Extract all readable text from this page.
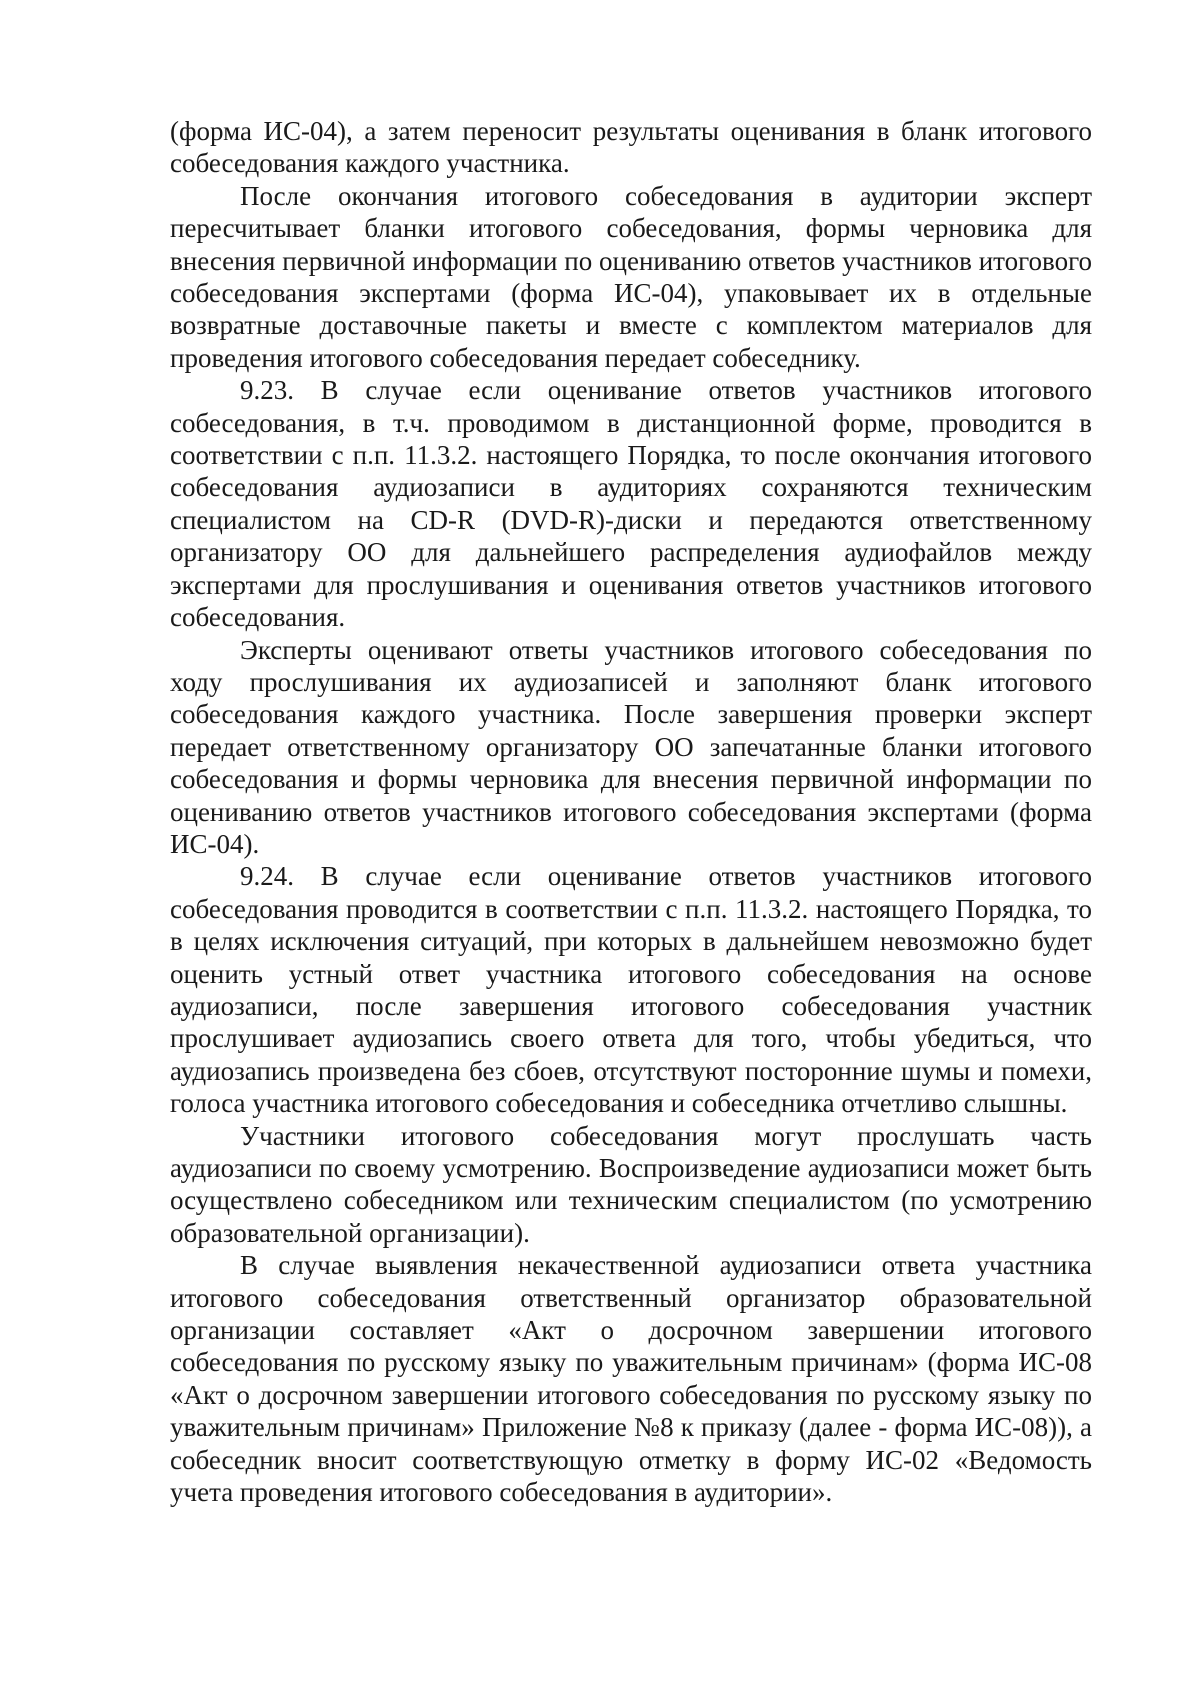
(форма ИС-04), а затем переносит результаты оценивания в бланк итогового собеседования каждого участника.

После окончания итогового собеседования в аудитории эксперт пересчитывает бланки итогового собеседования, формы черновика для внесения первичной информации по оцениванию ответов участников итогового собеседования экспертами (форма ИС-04), упаковывает их в отдельные возвратные доставочные пакеты и вместе с комплектом материалов для проведения итогового собеседования передает собеседнику.

9.23. В случае если оценивание ответов участников итогового собеседования, в т.ч. проводимом в дистанционной форме, проводится в соответствии с п.п. 11.3.2. настоящего Порядка, то после окончания итогового собеседования аудиозаписи в аудиториях сохраняются техническим специалистом на CD-R (DVD-R)-диски и передаются ответственному организатору ОО для дальнейшего распределения аудиофайлов между экспертами для прослушивания и оценивания ответов участников итогового собеседования.

Эксперты оценивают ответы участников итогового собеседования по ходу прослушивания их аудиозаписей и заполняют бланк итогового собеседования каждого участника. После завершения проверки эксперт передает ответственному организатору ОО запечатанные бланки итогового собеседования и формы черновика для внесения первичной информации по оцениванию ответов участников итогового собеседования экспертами (форма ИС-04).

9.24. В случае если оценивание ответов участников итогового собеседования проводится в соответствии с п.п. 11.3.2. настоящего Порядка, то в целях исключения ситуаций, при которых в дальнейшем невозможно будет оценить устный ответ участника итогового собеседования на основе аудиозаписи, после завершения итогового собеседования участник прослушивает аудиозапись своего ответа для того, чтобы убедиться, что аудиозапись произведена без сбоев, отсутствуют посторонние шумы и помехи, голоса участника итогового собеседования и собеседника отчетливо слышны.

Участники итогового собеседования могут прослушать часть аудиозаписи по своему усмотрению. Воспроизведение аудиозаписи может быть осуществлено собеседником или техническим специалистом (по усмотрению образовательной организации).

В случае выявления некачественной аудиозаписи ответа участника итогового собеседования ответственный организатор образовательной организации составляет «Акт о досрочном завершении итогового собеседования по русскому языку по уважительным причинам» (форма ИС-08 «Акт о досрочном завершении итогового собеседования по русскому языку по уважительным причинам» Приложение №8 к приказу (далее - форма ИС-08)), а собеседник вносит соответствующую отметку в форму ИС-02 «Ведомость учета проведения итогового собеседования в аудитории».
